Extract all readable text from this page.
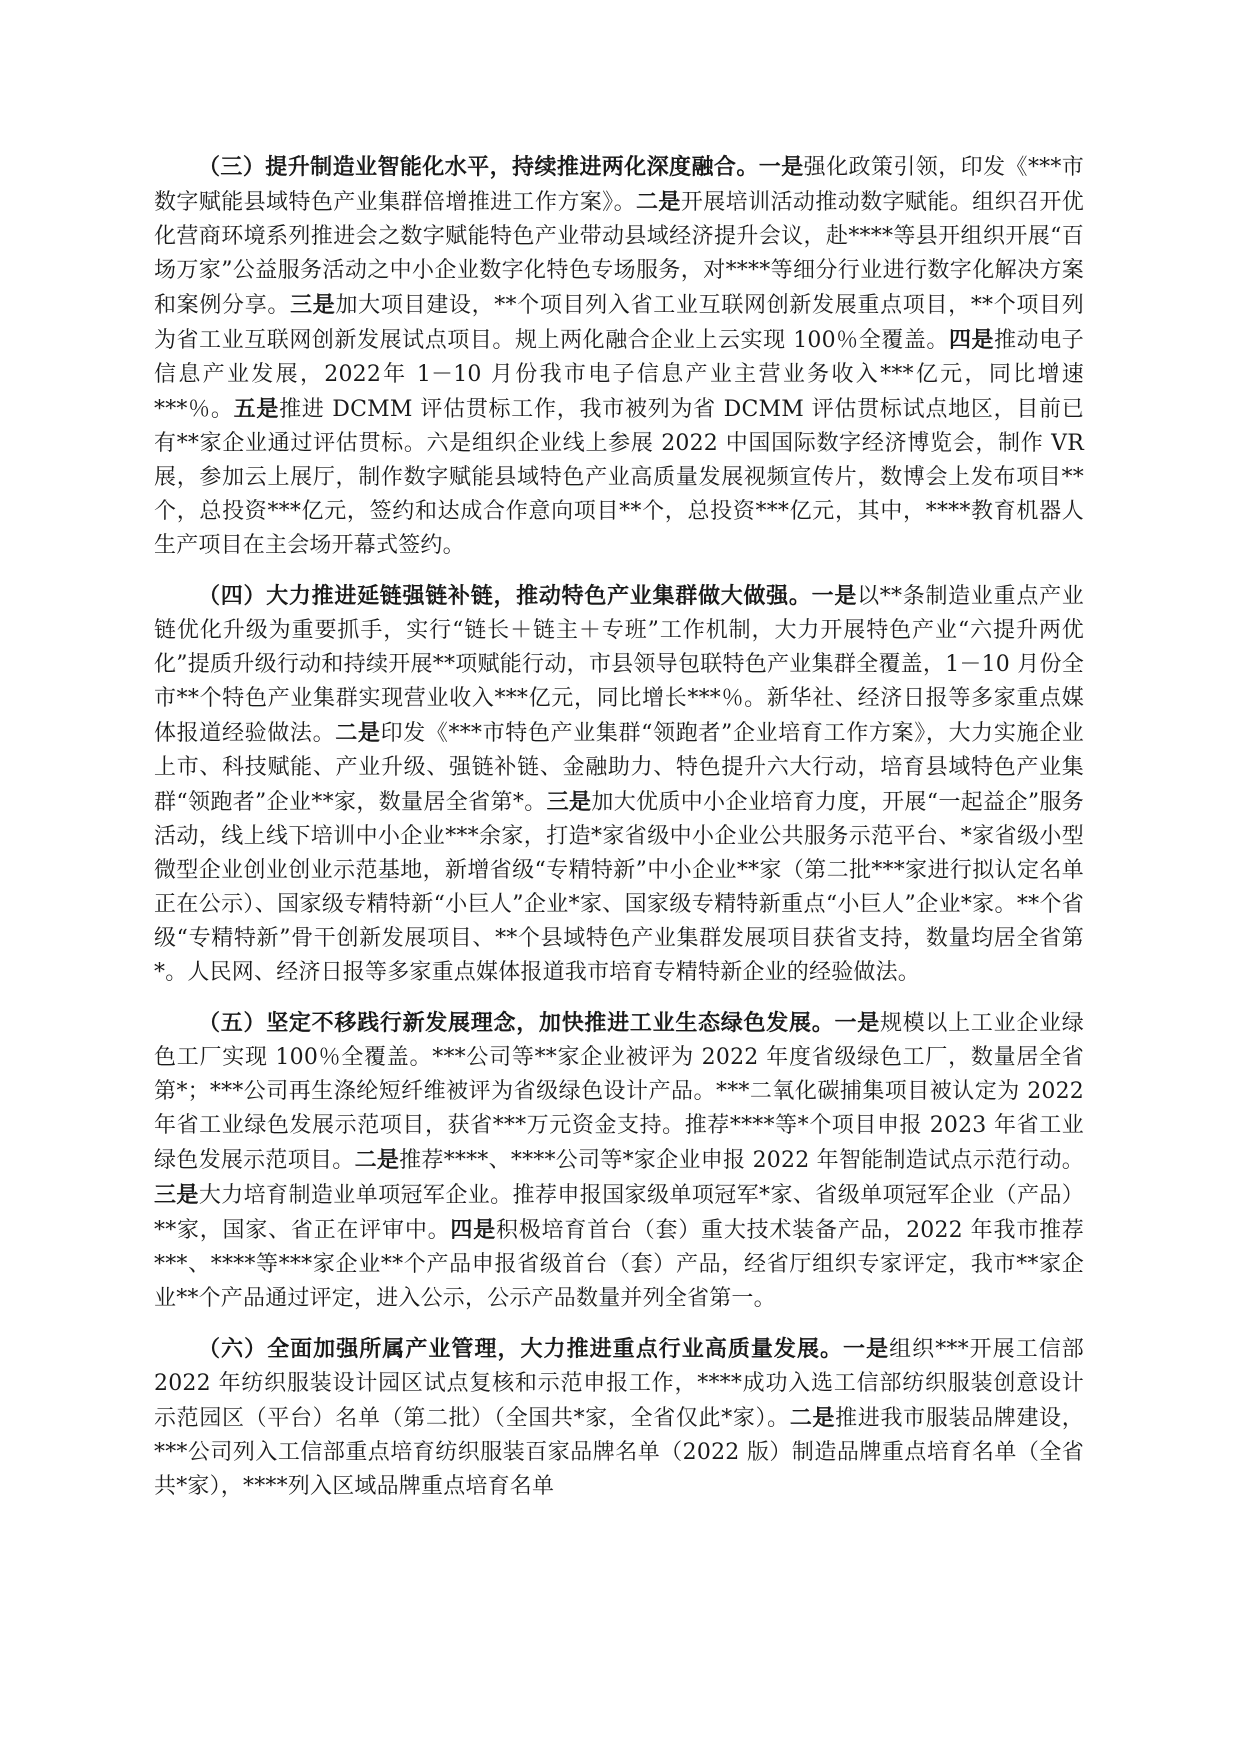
（三）提升制造业智能化水平，持续推进两化深度融合。一是强化政策引领，印发《***市数字赋能县域特色产业集群倍增推进工作方案》。二是开展培训活动推动数字赋能。组织召开优化营商环境系列推进会之数字赋能特色产业带动县域经济提升会议，赴****等县开组织开展“百场万家”公益服务活动之中小企业数字化特色专场服务，对****等细分行业进行数字化解决方案和案例分享。三是加大项目建设，**个项目列入省工业互联网创新发展重点项目，**个项目列为省工业互联网创新发展试点项目。规上两化融合企业上云实现 100％全覆盖。四是推动电子信息产业发展，2022年 1－10 月份我市电子信息产业主营业务收入***亿元，同比增速***％。五是推进 DCMM 评估贯标工作，我市被列为省 DCMM 评估贯标试点地区，目前已有**家企业通过评估贯标。六是组织企业线上参展 2022 中国国际数字经济博览会，制作 VR 展，参加云上展厅，制作数字赋能县域特色产业高质量发展视频宣传片，数博会上发布项目**个，总投资***亿元，签约和达成合作意向项目**个，总投资***亿元，其中，****教育机器人生产项目在主会场开幕式签约。

（四）大力推进延链强链补链，推动特色产业集群做大做强。一是以**条制造业重点产业链优化升级为重要抓手，实行“链长＋链主＋专班”工作机制，大力开展特色产业“六提升两优化”提质升级行动和持续开展**项赋能行动，市县领导包联特色产业集群全覆盖，1－10 月份全市**个特色产业集群实现营业收入***亿元，同比增长***％。新华社、经济日报等多家重点媒体报道经验做法。二是印发《***市特色产业集群“领跑者”企业培育工作方案》，大力实施企业上市、科技赋能、产业升级、强链补链、金融助力、特色提升六大行动，培育县域特色产业集群“领跑者”企业**家，数量居全省第*。三是加大优质中小企业培育力度，开展“一起益企”服务活动，线上线下培训中小企业***余家，打造*家省级中小企业公共服务示范平台、*家省级小型微型企业创业创业示范基地，新增省级“专精特新”中小企业**家（第二批***家进行拟认定名单正在公示）、国家级专精特新“小巨人”企业*家、国家级专精特新重点“小巨人”企业*家。**个省级“专精特新”骨干创新发展项目、**个县域特色产业集群发展项目获省支持，数量均居全省第*。人民网、经济日报等多家重点媒体报道我市培育专精特新企业的经验做法。

（五）坚定不移践行新发展理念，加快推进工业生态绿色发展。一是规模以上工业企业绿色工厂实现 100％全覆盖。***公司等**家企业被评为 2022 年度省级绿色工厂，数量居全省第*；***公司再生涤纶短纤维被评为省级绿色设计产品。***二氧化碳捕集项目被认定为 2022 年省工业绿色发展示范项目，获省***万元资金支持。推荐****等*个项目申报 2023 年省工业绿色发展示范项目。二是推荐****、****公司等*家企业申报 2022 年智能制造试点示范行动。三是大力培育制造业单项冠军企业。推荐申报国家级单项冠军*家、省级单项冠军企业（产品）**家，国家、省正在评审中。四是积极培育首台（套）重大技术装备产品，2022 年我市推荐***、****等***家企业**个产品申报省级首台（套）产品，经省厅组织专家评定，我市**家企业**个产品通过评定，进入公示，公示产品数量并列全省第一。

（六）全面加强所属产业管理，大力推进重点行业高质量发展。一是组织***开展工信部 2022 年纺织服装设计园区试点复核和示范申报工作，****成功入选工信部纺织服装创意设计示范园区（平台）名单（第二批）（全国共*家，全省仅此*家）。二是推进我市服装品牌建设，***公司列入工信部重点培育纺织服装百家品牌名单（2022 版）制造品牌重点培育名单（全省共*家），****列入区域品牌重点培育名单
